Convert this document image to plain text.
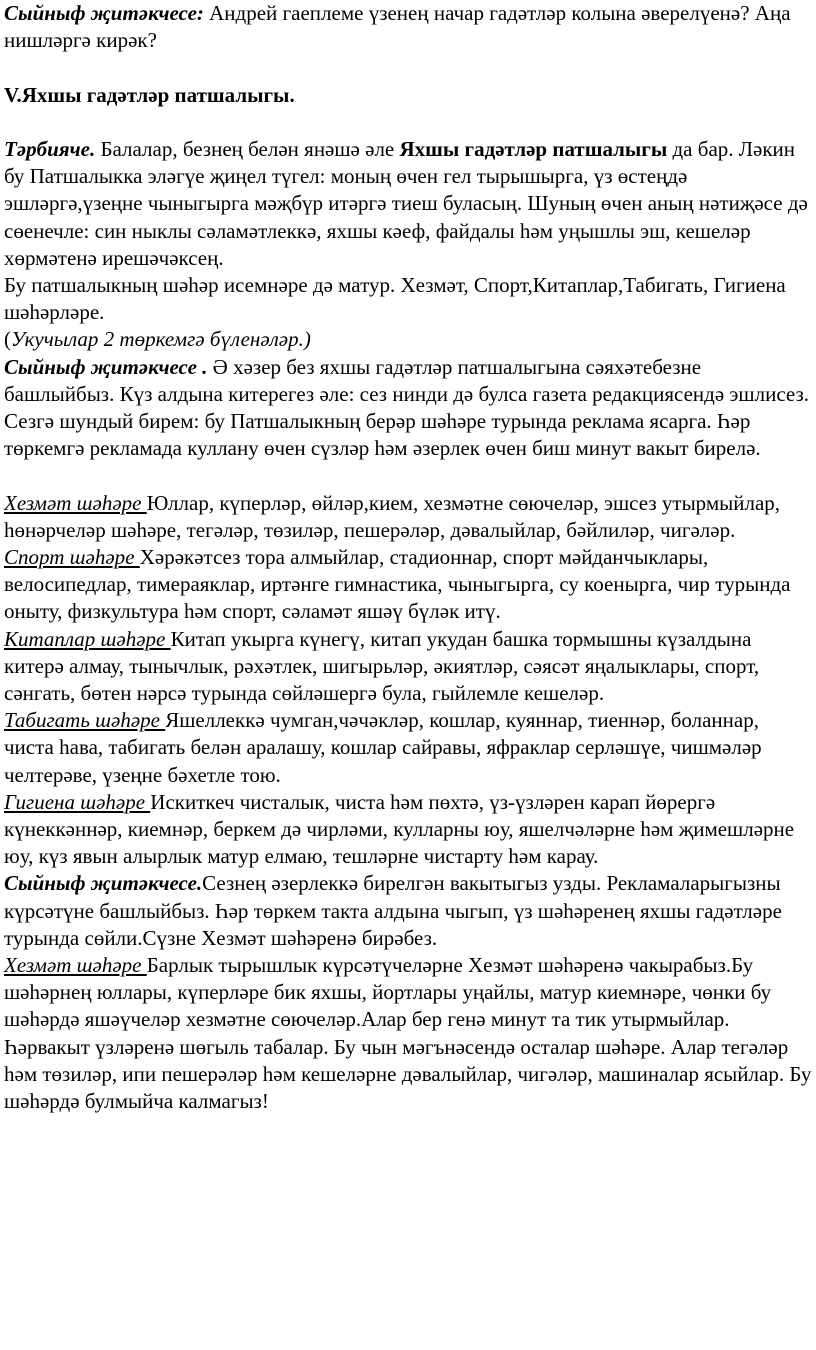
Сыйныф җитәкчесе: Андрей гаеплеме үзенең начар гадәтләр колына әверелүенә? Аңа нишләргә кирәк?

V.Яхшы гадәтләр патшалыгы.

Тәрбияче. Балалар, безнең белән янәшә әле Яхшы гадәтләр патшалыгы да бар. Ләкин бу Патшалыкка эләгүе җиңел түгел: моның өчен гел тырышырга, үз өстеңдә эшләргә,үзеңне чыныгырга мәҗбүр итәргә тиеш буласың. Шуның өчен аның нәтиҗәсе дә сөенечле: син ныклы сәламәтлеккә, яхшы кәеф, файдалы һәм уңышлы эш, кешеләр хөрмәтенә ирешәчәксең.

Бу патшалыкның шәһәр исемнәре дә матур. Хезмәт, Спорт,Китаплар,Табигать, Гигиена шәһәрләре.

(Укучылар 2 төркемгә бүленәләр.)

Сыйныф җитәкчесе . Ә хәзер без яхшы гадәтләр патшалыгына сәяхәтебезне башлыйбыз. Күз алдына китерегез әле: сез нинди дә булса газета редакциясендә эшлисез. Сезгә шундый бирем: бу Патшалыкның берәр шәһәре турында реклама ясарга. Һәр төркемгә рекламада куллану өчен сүзләр һәм әзерлек өчен биш минут вакыт бирелә.

Хезмәт шәһәре Юллар, күперләр, өйләр,кием, хезмәтне сөючеләр, эшсез утырмыйлар, һөнәрчеләр шәһәре, тегәләр, төзиләр, пешерәләр, дәвалыйлар, бәйлиләр, чигәләр.

Спорт шәһәре Хәрәкәтсез тора алмыйлар, стадионнар, спорт мәйданчыклары, велосипедлар, тимераяклар, иртәнге гимнастика, чыныгырга, су коенырга, чир турында оныту, физкультура һәм спорт, сәламәт яшәү бүләк итү.

Китаплар шәһәре Китап укырга күнегү, китап укудан башка тормышны күзалдына китерә алмау, тынычлык, рәхәтлек, шигырьләр, әкиятләр, сәясәт яңалыклары, спорт, сәнгать, бөтен нәрсә турында сөйләшергә була, гыйлемле кешеләр.

Табигать шәһәре Яшеллеккә чумган,чәчәкләр, кошлар, куяннар, тиеннәр, боланнар, чиста һава, табигать белән аралашу, кошлар сайравы, яфраклар серләшүе, чишмәләр челтерәве, үзеңне бәхетле тою.

Гигиена шәһәре Искиткеч чисталык, чиста һәм пөхтә, үз-үзләрен карап йөрергә күнеккәннәр, киемнәр, беркем дә чирләми, кулларны юу, яшелчәләрне һәм җимешләрне юу, күз явын алырлык матур елмаю, тешләрне чистарту һәм карау.

Сыйныф җитәкчесе.Сезнең әзерлеккә бирелгән вакытыгыз узды. Рекламаларыгызны күрсәтүне башлыйбыз. Һәр төркем такта алдына чыгып, үз шәһәренең яхшы гадәтләре турында сөйли.Сүзне Хезмәт шәһәренә бирәбез.

Хезмәт шәһәре Барлык тырышлык күрсәтүчеләрне Хезмәт шәһәренә чакырабыз.Бу шәһәрнең юллары, күперләре бик яхшы, йортлары уңайлы, матур киемнәре, чөнки бу шәһәрдә яшәүчеләр хезмәтне сөючеләр.Алар бер генә минут та тик утырмыйлар. Һәрвакыт үзләренә шөгыль табалар. Бу чын мәгънәсендә осталар шәһәре. Алар тегәләр һәм төзиләр, ипи пешерәләр һәм кешеләрне дәвалыйлар, чигәләр, машиналар ясыйлар. Бу шәһәрдә булмыйча калмагыз!
